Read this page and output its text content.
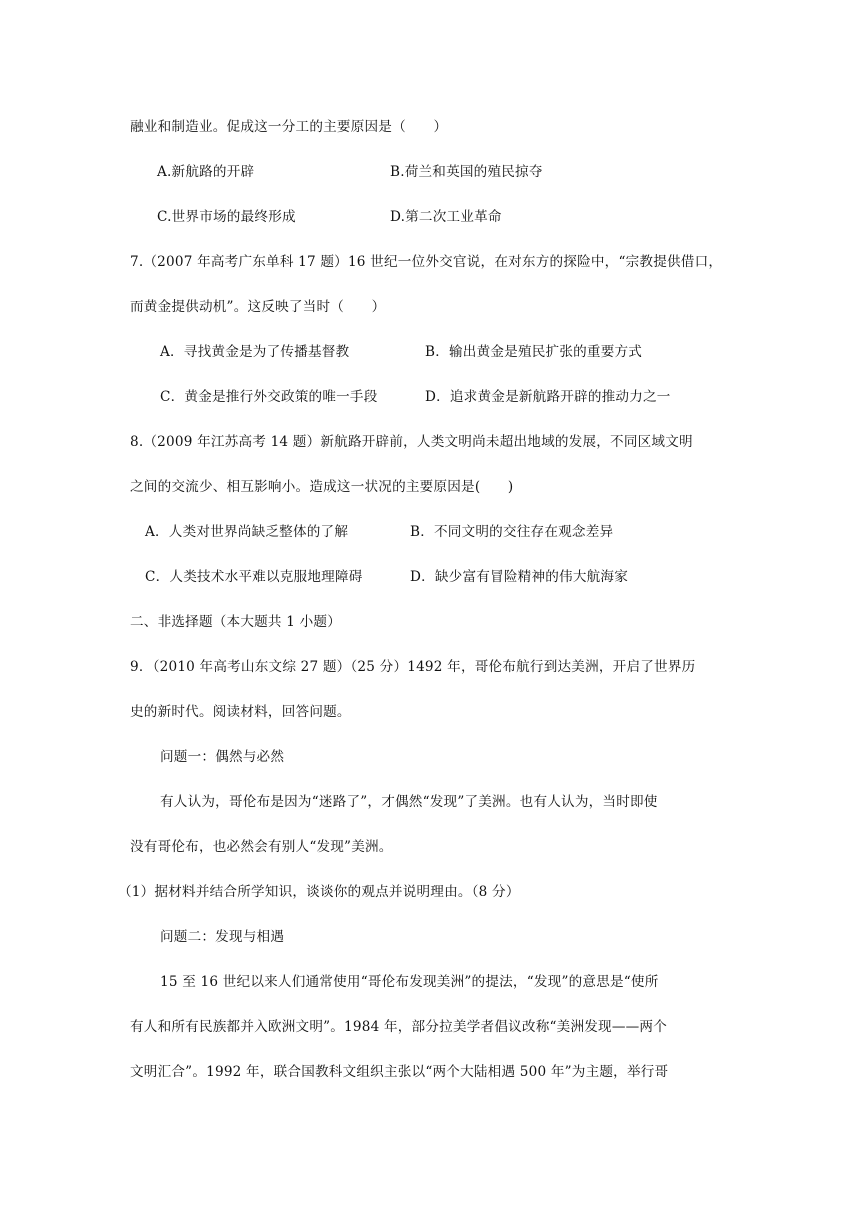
融业和制造业。促成这一分工的主要原因是（　　）
A.新航路的开辟	B.荷兰和英国的殖民掠夺
C.世界市场的最终形成	D.第二次工业革命
7.（2007 年高考广东单科 17 题）16 世纪一位外交官说，在对东方的探险中，“宗教提供借口，
而黄金提供动机”。这反映了当时（　　）
A．寻找黄金是为了传播基督教	B．输出黄金是殖民扩张的重要方式
C．黄金是推行外交政策的唯一手段	D．追求黄金是新航路开辟的推动力之一
8.（2009 年江苏高考 14 题）新航路开辟前，人类文明尚未超出地域的发展，不同区域文明
之间的交流少、相互影响小。造成这一状况的主要原因是(　　)
A．人类对世界尚缺乏整体的了解	B．不同文明的交往存在观念差异
C．人类技术水平难以克服地理障碍	D．缺少富有冒险精神的伟大航海家
二、非选择题（本大题共 1 小题）
9．（2010 年高考山东文综 27 题）（25 分）1492 年，哥伦布航行到达美洲，开启了世界历
史的新时代。阅读材料，回答问题。
问题一：偶然与必然
有人认为，哥伦布是因为“迷路了”，才偶然“发现”了美洲。也有人认为，当时即使
没有哥伦布，也必然会有别人“发现”美洲。
（1）据材料并结合所学知识，谈谈你的观点并说明理由。（8 分）
问题二：发现与相遇
15 至 16 世纪以来人们通常使用“哥伦布发现美洲”的提法，“发现”的意思是“使所
有人和所有民族都并入欧洲文明”。1984 年，部分拉美学者倡议改称“美洲发现——两个
文明汇合”。1992 年，联合国教科文组织主张以“两个大陆相遇 500 年”为主题，举行哥
